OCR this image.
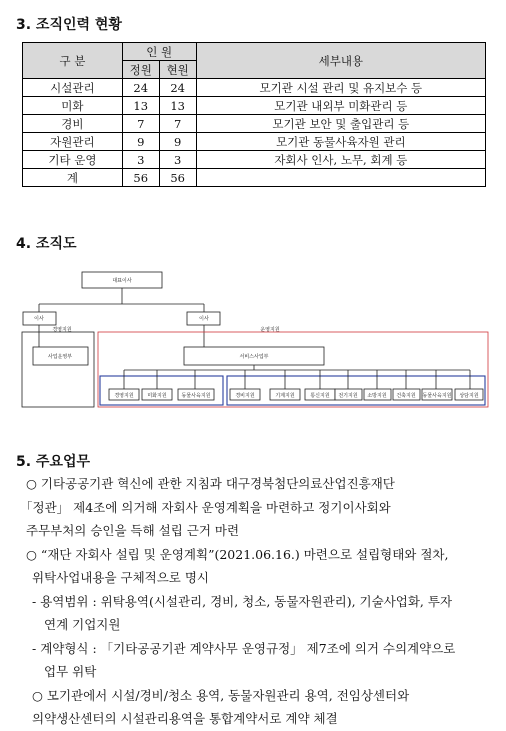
3. 조직인력 현황
구 분	인 원		세부내용
	정원	현원	
시설관리	24	24	모기관 시설 관리 및 유지보수 등
미화	13	13	모기관 내외부 미화관리 등
경비	7	7	모기관 보안 및 출입관리 등
자원관리	9	9	모기관 동물사육자원 관리
기타 운영	3	3	자회사 인사, 노무, 회계 등
계	56	56	
4. 조직도
대표이사
이사	이사
경영지원	운영지원
사업운영부	서비스사업부
경영지원	미화지원	동물사육지원	경비지원	기계지원	통신지원 전기지원 소방지원 건축지원 동물사육지원 상담지원
5. 주요업무
○ 기타공공기관 혁신에 관한 지침과 대구경북첨단의료산업진흥재단
「정관」 제4조에 의거해 자회사 운영계획을 마련하고 정기이사회와
주무부처의 승인을 득해 설립 근거 마련
○ “재단 자회사 설립 및 운영계획”(2021.06.16.) 마련으로 설립형태와 절차,
위탁사업내용을 구체적으로 명시
- 용역범위 : 위탁용역(시설관리, 경비, 청소, 동물자원관리), 기술사업화, 투자
연계 기업지원
- 계약형식 : 「기타공공기관 계약사무 운영규정」 제7조에 의거 수의계약으로
업무 위탁
○ 모기관에서 시설/경비/청소 용역, 동물자원관리 용역, 전임상센터와
의약생산센터의 시설관리용역을 통합계약서로 계약 체결
